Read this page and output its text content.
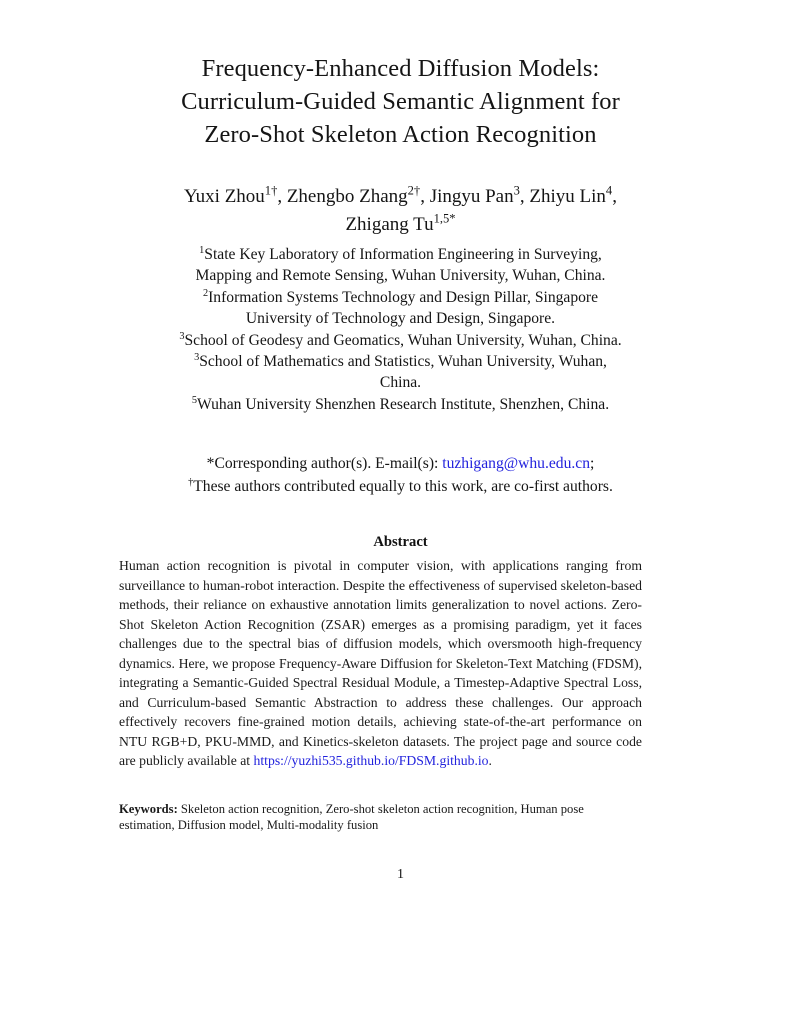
Frequency-Enhanced Diffusion Models:
Curriculum-Guided Semantic Alignment for
Zero-Shot Skeleton Action Recognition
Yuxi Zhou$^{1\dagger}$, Zhengbo Zhang$^{2\dagger}$, Jingyu Pan$^3$, Zhiyu Lin$^4$,
Zhigang $Tu^{1,5*}$
$^1$State Key Laboratory of Information Engineering in Surveying,
Mapping and Remote Sensing, Wuhan University, Wuhan, China.
$^2$Information Systems Technology and Design Pillar, Singapore
University of Technology and Design, Singapore.
$^3$School of Geodesy and Geomatics, Wuhan University, Wuhan, China.
$^3$School of Mathematics and Statistics, Wuhan University, Wuhan,
China.
$^5$Wuhan University Shenzhen Research Institute, Shenzhen, China.
*Corresponding author(s). E-mail(s): tuzhigang@whu.edu.cn;
†These authors contributed equally to this work, are co-first authors.
Abstract

Human action recognition is pivotal in computer vision, with applications ranging from surveillance to human-robot interaction. Despite the effectiveness of supervised skeleton-based methods, their reliance on exhaustive annotation limits generalization to novel actions. Zero-Shot Skeleton Action Recognition (ZSAR) emerges as a promising paradigm, yet it faces challenges due to the spectral bias of diffusion models, which oversmooth high-frequency dynamics. Here, we propose Frequency-Aware Diffusion for Skeleton-Text Matching (FDSM), integrating a Semantic-Guided Spectral Residual Module, a Timestep-Adaptive Spectral Loss, and Curriculum-based Semantic Abstraction to address these challenges. Our approach effectively recovers fine-grained motion details, achieving state-of-the-art performance on NTU RGB+D, PKU-MMD, and Kinetics-skeleton datasets. The project page and source code are publicly available at https://yuzhi535.github.io/FDSM.github.io.

Keywords: Skeleton action recognition, Zero-shot skeleton action recognition, Human pose estimation, Diffusion model, Multi-modality fusion
1
